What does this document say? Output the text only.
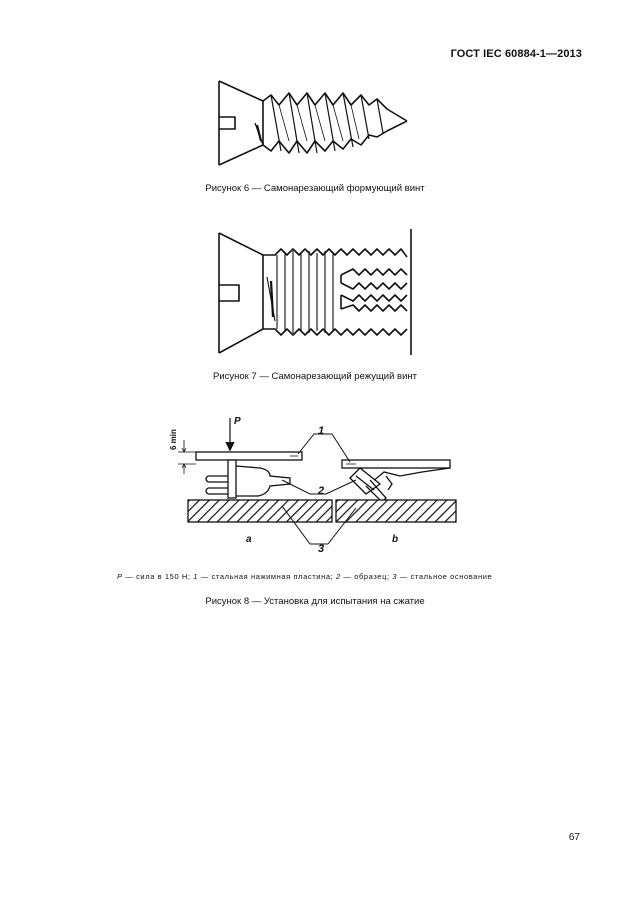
ГОСТ IEC 60884-1—2013
Рисунок 6 — Самонарезающий формующий винт
Рисунок 7 — Самонарезающий режущий винт
P
6 min	1
2
3
a	b
P — сила в 150 Н; 1 — стальная нажимная пластина; 2 — образец; 3 — стальное основание
Рисунок 8 — Установка для испытания на сжатие
67
